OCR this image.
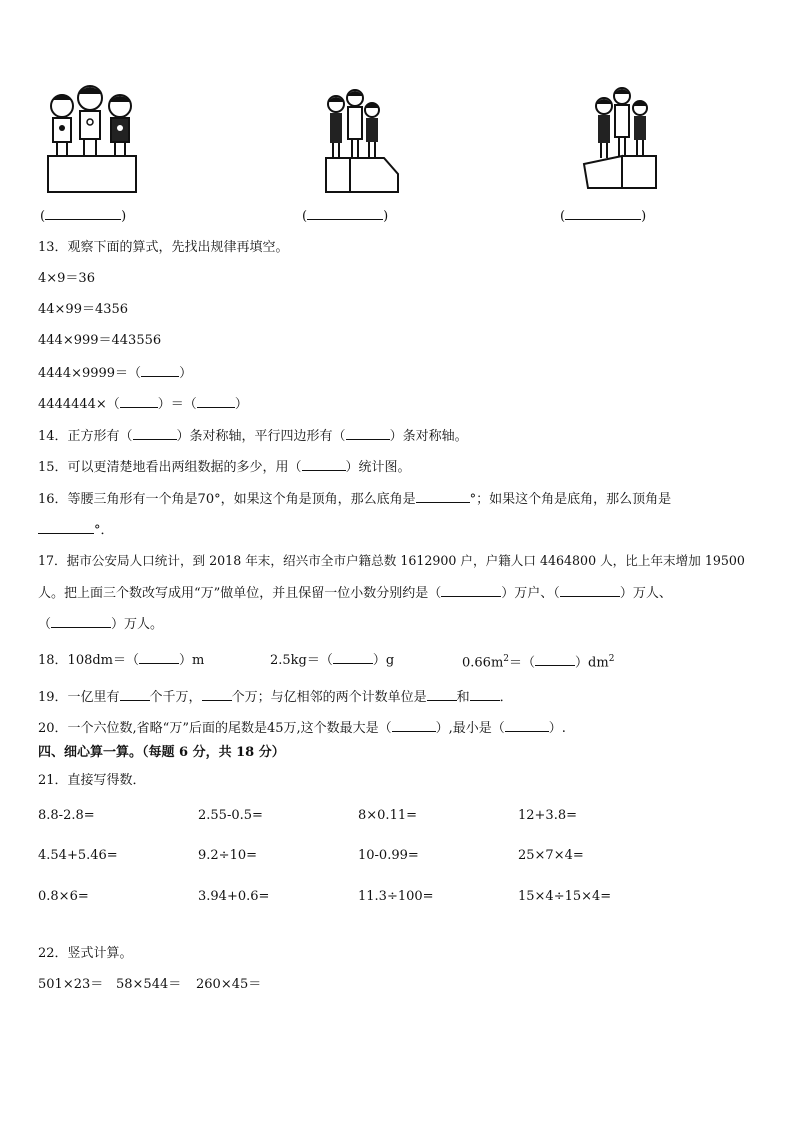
(	)	(	)	(	)
13．观察下面的算式，先找出规律再填空。
4×9＝36
44×99＝4356
444×999＝443556
4444×9999＝（	）
4444444×（	）＝（	）
14．正方形有（	）条对称轴，平行四边形有（	）条对称轴。
15．可以更清楚地看出两组数据的多少，用（	）统计图。
16．等腰三角形有一个角是70°，如果这个角是顶角，那么底角是	°；如果这个角是底角，那么顶角是
°．
17．据市公安局人口统计，到 2018 年末，绍兴市全市户籍总数 1612900 户，户籍人口 4464800 人，比上年末增加 19500
人。把上面三个数改写成用“万”做单位，并且保留一位小数分别约是（	）万户、（	）万人、
（	）万人。
18．108dm＝（	）m	2.5kg＝（	）g	$0.66m^2=$（	）$dm^2$
19．一亿里有 个千万， 个万；与亿相邻的两个计数单位是 和 ．
20．一个六位数,省略“万”后面的尾数是45万,这个数最大是（	）,最小是（	）.
四、细心算一算。（每题 6 分，共 18 分）
21．直接写得数．
8.8-2.8=	2.55-0.5=	8×0.11=	12+3.8=
4.54+5.46=	9.2÷10=	10-0.99=	25×7×4=
0.8×6=	3.94+0.6=	11.3÷100=	15×4÷15×4=
22．竖式计算。
501×23＝ 58×544＝ 260×45＝
